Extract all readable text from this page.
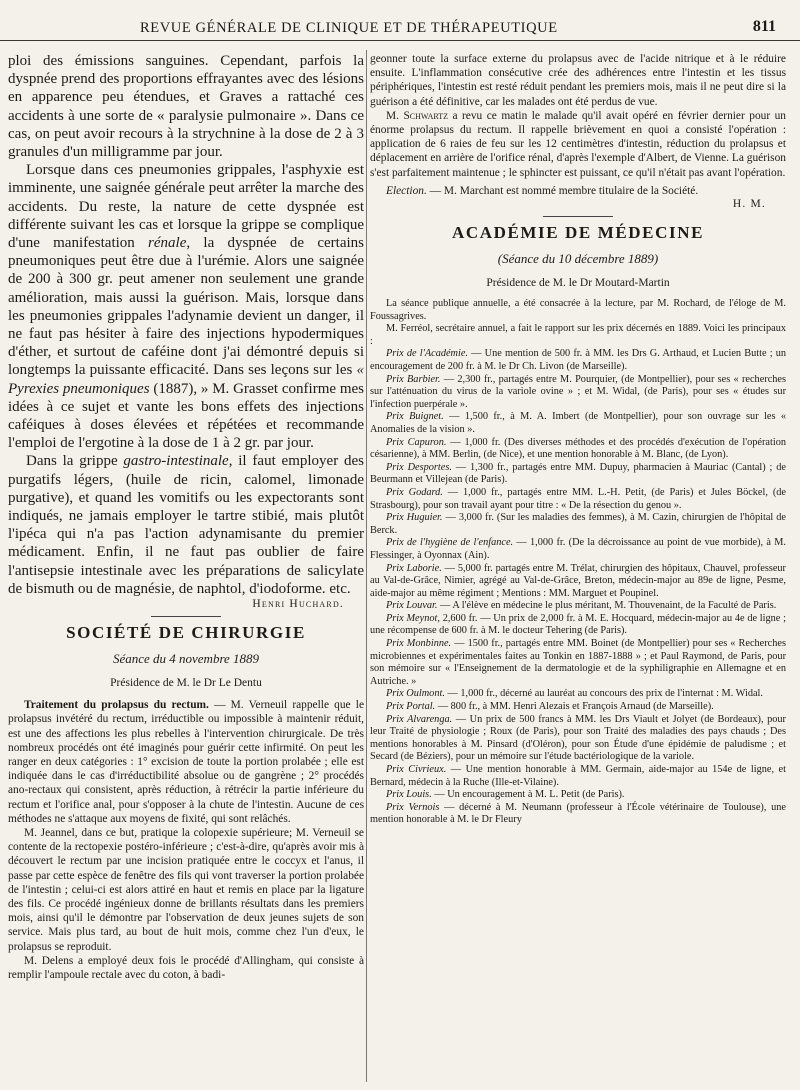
REVUE GÉNÉRALE DE CLINIQUE ET DE THÉRAPEUTIQUE	811

ploi des émissions sanguines. Cependant, parfois la dyspnée prend des proportions effrayantes avec des lésions en apparence peu étendues, et Graves a rattaché ces accidents à une sorte de « paralysie pulmonaire ». Dans ce cas, on peut avoir recours à la strychnine à la dose de 2 à 3 granules d'un milligramme par jour.

Lorsque dans ces pneumonies grippales, l'asphyxie est imminente, une saignée générale peut arrêter la marche des accidents. Du reste, la nature de cette dyspnée est différente suivant les cas et lorsque la grippe se complique d'une manifestation rénale, la dyspnée de certains pneumoniques peut être due à l'urémie. Alors une saignée de 200 à 300 gr. peut amener non seulement une grande amélioration, mais aussi la guérison. Mais, lorsque dans les pneumonies grippales l'adynamie devient un danger, il ne faut pas hésiter à faire des injections hypodermiques d'éther, et surtout de caféine dont j'ai démontré depuis si longtemps la puissante efficacité. Dans ses leçons sur les « Pyrexies pneumoniques (1887), » M. Grasset confirme mes idées à ce sujet et vante les bons effets des injections caféiques à doses élevées et répétées et recommande l'emploi de l'ergotine à la dose de 1 à 2 gr. par jour.

Dans la grippe gastro-intestinale, il faut employer des purgatifs légers, (huile de ricin, calomel, limonade purgative), et quand les vomitifs ou les expectorants sont indiqués, ne jamais employer le tartre stibié, mais plutôt l'ipéca qui n'a pas l'action adynamisante du premier médicament. Enfin, il ne faut pas oublier de faire l'antisepsie intestinale avec les préparations de salicylate de bismuth ou de magnésie, de naphtol, d'iodoforme. etc.

Henri Huchard.

SOCIÉTÉ DE CHIRURGIE
Séance du 4 novembre 1889
Présidence de M. le Dr Le Dentu

Traitement du prolapsus du rectum. — M. Verneuil rappelle que le prolapsus invétéré du rectum, irréductible ou impossible à maintenir réduit, est une des affections les plus rebelles à l'intervention chirurgicale. De très nombreux procédés ont été imaginés pour guérir cette infirmité. On peut les ranger en deux catégories : 1° excision de toute la portion prolabée ; elle est indiquée dans le cas d'irréductibilité absolue ou de gangrène ; 2° procédés ano-rectaux qui consistent, après réduction, à rétrécir la partie inférieure du rectum et l'orifice anal, pour s'opposer à la chute de l'intestin. Aucune de ces méthodes ne s'attaque aux moyens de fixité, qui sont relâchés.

M. Jeannel, dans ce but, pratique la colopexie supérieure; M. Verneuil se contente de la rectopexie postéro-inférieure ; c'est-à-dire, qu'après avoir mis à découvert le rectum par une incision pratiquée entre le coccyx et l'anus, il passe par cette espèce de fenêtre des fils qui vont traverser la portion prolabée de l'intestin ; celui-ci est alors attiré en haut et remis en place par la ligature des fils. Ce procédé ingénieux donne de brillants résultats dans les premiers mois, ainsi qu'il le démontre par l'observation de deux jeunes sujets de son service. Mais plus tard, au bout de huit mois, comme chez l'un d'eux, le prolapsus se reproduit.

M. Delens a employé deux fois le procédé d'Allingham, qui consiste à remplir l'ampoule rectale avec du coton, à badi-

geonner toute la surface externe du prolapsus avec de l'acide nitrique et à le réduire ensuite. L'inflammation consécutive crée des adhérences entre l'intestin et les tissus périphériques, l'intestin est resté réduit pendant les premiers mois, mais il ne peut dire si la guérison a été définitive, car les malades ont été perdus de vue.

M. Schwartz a revu ce matin le malade qu'il avait opéré en février dernier pour un énorme prolapsus du rectum. Il rappelle brièvement en quoi a consisté l'opération : application de 6 raies de feu sur les 12 centimètres d'intestin, réduction du prolapsus et déplacement en arrière de l'orifice rénal, d'après l'exemple d'Albert, de Vienne. La guérison s'est parfaitement maintenue ; le sphincter est puissant, ce qu'il n'était pas avant l'opération.

Election. — M. Marchant est nommé membre titulaire de la Société.

H. M.

ACADÉMIE DE MÉDECINE
(Séance du 10 décembre 1889)
Présidence de M. le Dr Moutard-Martin

La séance publique annuelle, a été consacrée à la lecture, par M. Rochard, de l'éloge de M. Foussagrives.

M. Ferréol, secrétaire annuel, a fait le rapport sur les prix décernés en 1889. Voici les principaux :

Prix de l'Académie. — Une mention de 500 fr. à MM. les Drs G. Arthaud, et Lucien Butte ; un encouragement de 200 fr. à M. le Dr Ch. Livon (de Marseille).

Prix Barbier. — 2,300 fr., partagés entre M. Pourquier, (de Montpellier), pour ses « recherches sur l'atténuation du virus de la variole ovine » ; et M. Widal, (de Paris), pour ses « études sur l'infection puerpérale ».

Prix Buignet. — 1,500 fr., à M. A. Imbert (de Montpellier), pour son ouvrage sur les « Anomalies de la vision ».

Prix Capuron. — 1,000 fr. (Des diverses méthodes et des procédés d'exécution de l'opération césarienne), à MM. Berlin, (de Nice), et une mention honorable à M. Blanc, (de Lyon).

Prix Desportes. — 1,300 fr., partagés entre MM. Dupuy, pharmacien à Mauriac (Cantal) ; de Beurmann et Villejean (de Paris).

Prix Godard. — 1,000 fr., partagés entre MM. L.-H. Petit, (de Paris) et Jules Böckel, (de Strasbourg), pour son travail ayant pour titre : « De la résection du genou ».

Prix Huguier. — 3,000 fr. (Sur les maladies des femmes), à M. Cazin, chirurgien de l'hôpital de Berck.

Prix de l'hygiène de l'enfance. — 1,000 fr. (De la décroissance au point de vue morbide), à M. Flessinger, à Oyonnax (Ain).

Prix Laborie. — 5,000 fr. partagés entre M. Trélat, chirurgien des hôpitaux, Chauvel, professeur au Val-de-Grâce, Nimier, agrégé au Val-de-Grâce, Breton, médecin-major au 89e de ligne, Pesme, aide-major au même régiment ; Mentions : MM. Marguet et Poupinel.

Prix Louvar. — A l'élève en médecine le plus méritant, M. Thouvenaint, de la Faculté de Paris.

Prix Meynot, 2,600 fr. — Un prix de 2,000 fr. à M. E. Hocquard, médecin-major au 4e de ligne ; une récompense de 600 fr. à M. le docteur Tehering (de Paris).

Prix Monbinne. — 1500 fr., partagés entre MM. Boinet (de Montpellier) pour ses « Recherches microbiennes et expérimentales faites au Tonkin en 1887-1888 » ; et Paul Raymond, de Paris, pour son mémoire sur « l'Enseignement de la dermatologie et de la syphiligraphie en Allemagne et en Autriche. »

Prix Oulmont. — 1,000 fr., décerné au lauréat au concours des prix de l'internat : M. Widal.

Prix Portal. — 800 fr., à MM. Henri Alezais et François Arnaud (de Marseille).

Prix Alvarenga. — Un prix de 500 francs à MM. les Drs Viault et Jolyet (de Bordeaux), pour leur Traité de physiologie ; Roux (de Paris), pour son Traité des maladies des pays chauds ; Des mentions honorables à M. Pinsard (d'Oléron), pour son Étude d'une épidémie de paludisme ; et Secard (de Béziers), pour un mémoire sur l'étude bactériologique de la variole.

Prix Civrieux. — Une mention honorable à MM. Germain, aide-major au 154e de ligne, et Bernard, médecin à la Ruche (Ille-et-Vilaine).

Prix Louis. — Un encouragement à M. L. Petit (de Paris).

Prix Vernois — décerné à M. Neumann (professeur à l'École vétérinaire de Toulouse), une mention honorable à M. le Dr Fleury
